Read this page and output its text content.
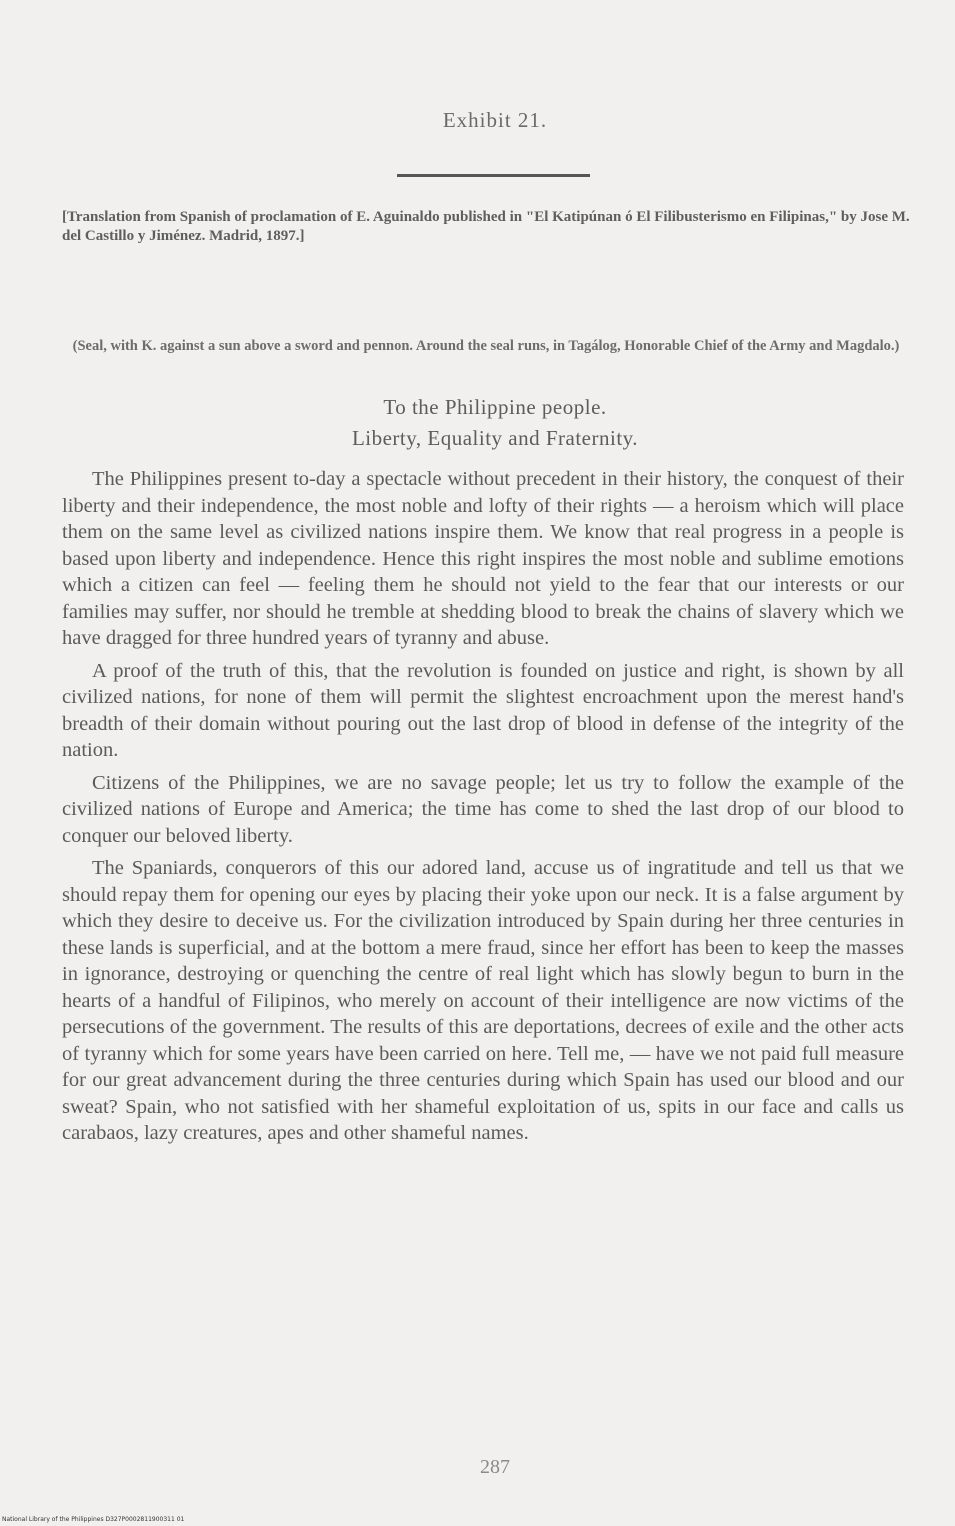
Exhibit 21.
[Translation from Spanish of proclamation of E. Aguinaldo published in "El Katipúnan ó El Filibusterismo en Filipinas," by Jose M. del Castillo y Jiménez. Madrid, 1897.]
(Seal, with K. against a sun above a sword and pennon. Around the seal runs, in Tagálog, Honorable Chief of the Army and Magdalo.)
To the Philippine people.
Liberty, Equality and Fraternity.

The Philippines present to-day a spectacle without precedent in their history, the conquest of their liberty and their independence, the most noble and lofty of their rights — a heroism which will place them on the same level as civilized nations inspire them. We know that real progress in a people is based upon liberty and independence. Hence this right inspires the most noble and sublime emotions which a citizen can feel — feeling them he should not yield to the fear that our interests or our families may suffer, nor should he tremble at shedding blood to break the chains of slavery which we have dragged for three hundred years of tyranny and abuse.

A proof of the truth of this, that the revolution is founded on justice and right, is shown by all civilized nations, for none of them will permit the slightest encroachment upon the merest hand's breadth of their domain without pouring out the last drop of blood in defense of the integrity of the nation.

Citizens of the Philippines, we are no savage people; let us try to follow the example of the civilized nations of Europe and America; the time has come to shed the last drop of our blood to conquer our beloved liberty.

The Spaniards, conquerors of this our adored land, accuse us of ingratitude and tell us that we should repay them for opening our eyes by placing their yoke upon our neck. It is a false argument by which they desire to deceive us. For the civilization introduced by Spain during her three centuries in these lands is superficial, and at the bottom a mere fraud, since her effort has been to keep the masses in ignorance, destroying or quenching the centre of real light which has slowly begun to burn in the hearts of a handful of Filipinos, who merely on account of their intelligence are now victims of the persecutions of the government. The results of this are deportations, decrees of exile and the other acts of tyranny which for some years have been carried on here. Tell me, — have we not paid full measure for our great advancement during the three centuries during which Spain has used our blood and our sweat? Spain, who not satisfied with her shameful exploitation of us, spits in our face and calls us carabaos, lazy creatures, apes and other shameful names.

287
National Library of the Philippines D327P0002811900311 01
